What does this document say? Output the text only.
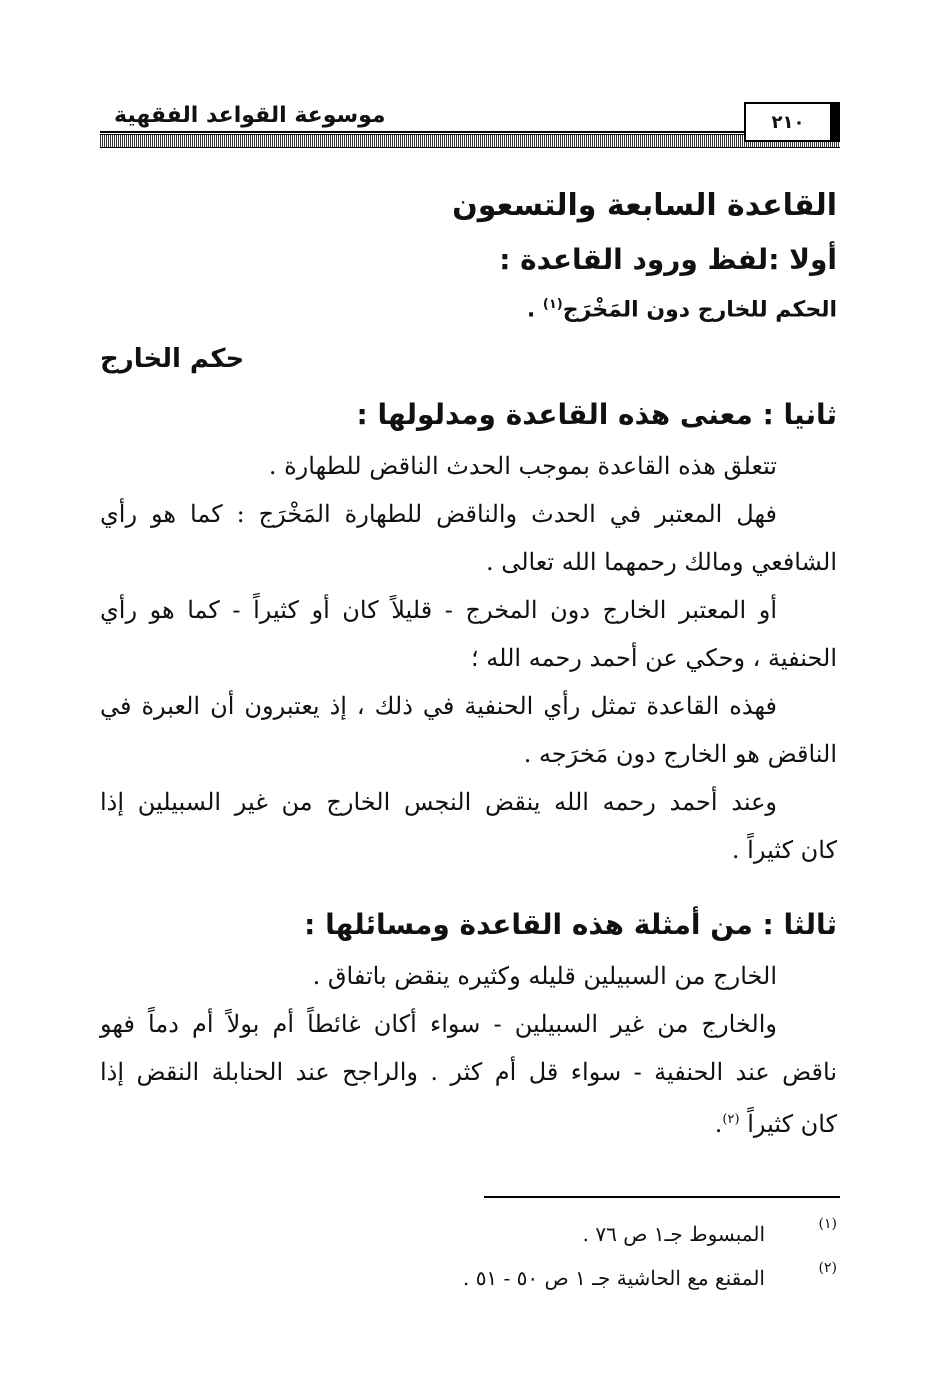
٢١٠
موسوعة القواعد الفقهية
القاعدة السابعة والتسعون
أولا :لفظ ورود القاعدة :
الحكم للخارج دون المَخْرَج$^{(١)}$ .
حكم الخارج
ثانيا : معنى هذه القاعدة ومدلولها :
تتعلق هذه القاعدة بموجب الحدث الناقض للطهارة .
فهل المعتبر في الحدث والناقض للطهارة المَخْرَج : كما هو رأي
الشافعي ومالك رحمهما الله تعالى .
أو المعتبر الخارج دون المخرج - قليلاً كان أو كثيراً - كما هو رأي
الحنفية ، وحكي عن أحمد رحمه الله ؛
فهذه القاعدة تمثل رأي الحنفية في ذلك ، إذ يعتبرون أن العبرة في
الناقض هو الخارج دون مَخرَجه .
وعند أحمد رحمه الله ينقض النجس الخارج من غير السبيلين إذا
كان كثيراً .
ثالثا : من أمثلة هذه القاعدة ومسائلها :
الخارج من السبيلين قليله وكثيره ينقض باتفاق .
والخارج من غير السبيلين - سواء أكان غائطاً أم بولاً أم دماً فهو
ناقض عند الحنفية - سواء قل أم كثر . والراجح عند الحنابلة النقض إذا
كان كثيراً $^{(٢)}$.
(١)
المبسوط جـ١ ص ٧٦ .
(٢)
المقنع مع الحاشية جـ ١ ص ٥٠ - ٥١ .
